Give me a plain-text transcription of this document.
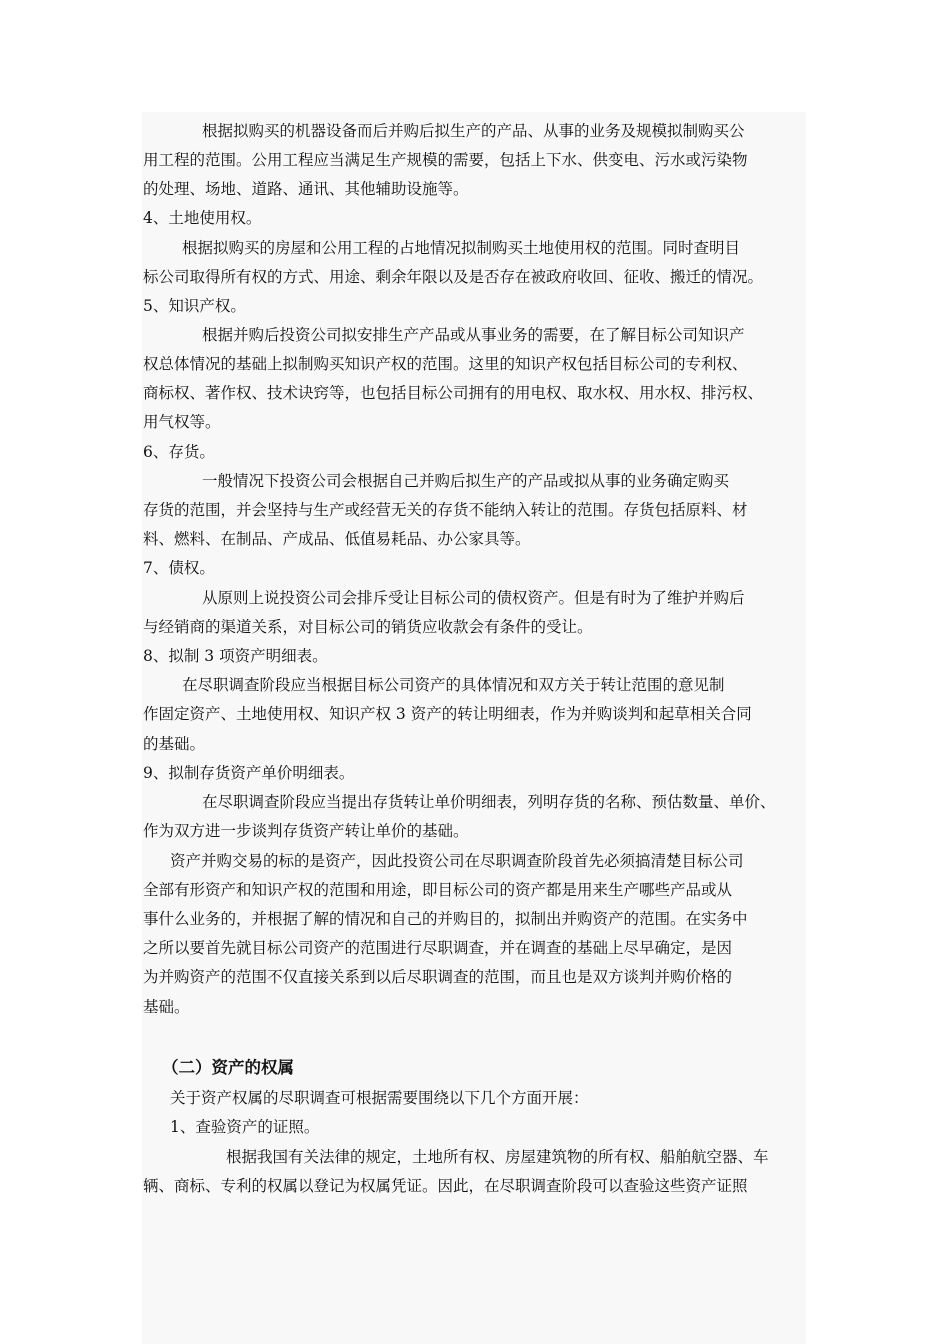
根据拟购买的机器设备而后并购后拟生产的产品、从事的业务及规模拟制购买公
用工程的范围。公用工程应当满足生产规模的需要，包括上下水、供变电、污水或污染物
的处理、场地、道路、通讯、其他辅助设施等。
4、土地使用权。
根据拟购买的房屋和公用工程的占地情况拟制购买土地使用权的范围。同时查明目
标公司取得所有权的方式、用途、剩余年限以及是否存在被政府收回、征收、搬迁的情况。
5、知识产权。
根据并购后投资公司拟安排生产产品或从事业务的需要，在了解目标公司知识产
权总体情况的基础上拟制购买知识产权的范围。这里的知识产权包括目标公司的专利权、
商标权、著作权、技术诀窍等，也包括目标公司拥有的用电权、取水权、用水权、排污权、
用气权等。
6、存货。
一般情况下投资公司会根据自己并购后拟生产的产品或拟从事的业务确定购买
存货的范围，并会坚持与生产或经营无关的存货不能纳入转让的范围。存货包括原料、材
料、燃料、在制品、产成品、低值易耗品、办公家具等。
7、债权。
从原则上说投资公司会排斥受让目标公司的债权资产。但是有时为了维护并购后
与经销商的渠道关系，对目标公司的销货应收款会有条件的受让。
8、拟制 3 项资产明细表。
在尽职调查阶段应当根据目标公司资产的具体情况和双方关于转让范围的意见制
作固定资产、土地使用权、知识产权 3 资产的转让明细表，作为并购谈判和起草相关合同
的基础。
9、拟制存货资产单价明细表。
在尽职调查阶段应当提出存货转让单价明细表，列明存货的名称、预估数量、单价、
作为双方进一步谈判存货资产转让单价的基础。
资产并购交易的标的是资产，因此投资公司在尽职调查阶段首先必须搞清楚目标公司
全部有形资产和知识产权的范围和用途，即目标公司的资产都是用来生产哪些产品或从
事什么业务的，并根据了解的情况和自己的并购目的，拟制出并购资产的范围。在实务中
之所以要首先就目标公司资产的范围进行尽职调查，并在调查的基础上尽早确定，是因
为并购资产的范围不仅直接关系到以后尽职调查的范围，而且也是双方谈判并购价格的
基础。
（二）资产的权属
关于资产权属的尽职调查可根据需要围绕以下几个方面开展：
1、查验资产的证照。
根据我国有关法律的规定，土地所有权、房屋建筑物的所有权、船舶航空器、车
辆、商标、专利的权属以登记为权属凭证。因此，在尽职调查阶段可以查验这些资产证照
